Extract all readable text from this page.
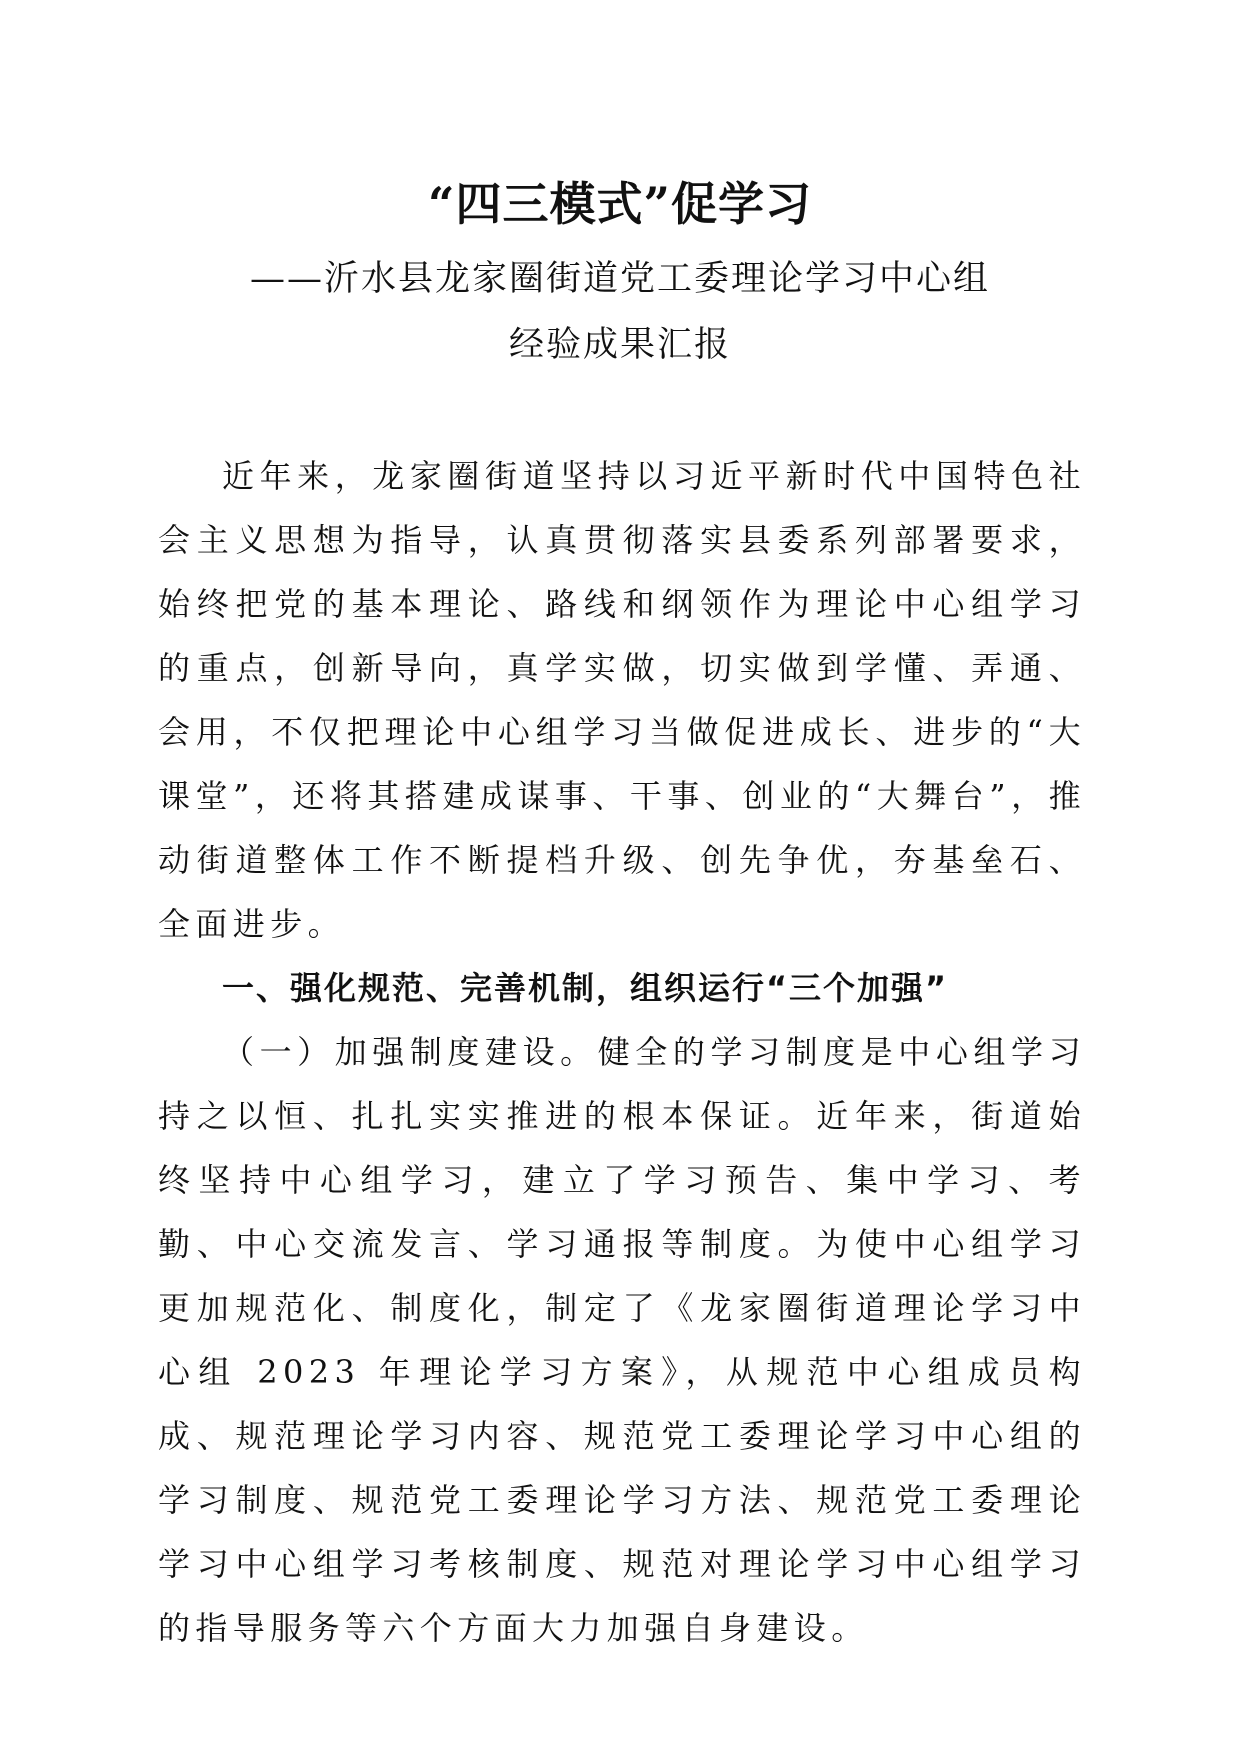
“四三模式”促学习
——沂水县龙家圈街道党工委理论学习中心组
经验成果汇报

近年来，龙家圈街道坚持以习近平新时代中国特色社会主义思想为指导，认真贯彻落实县委系列部署要求，始终把党的基本理论、路线和纲领作为理论中心组学习的重点，创新导向，真学实做，切实做到学懂、弄通、会用，不仅把理论中心组学习当做促进成长、进步的“大课堂”，还将其搭建成谋事、干事、创业的“大舞台”，推动街道整体工作不断提档升级、创先争优，夯基垒石、全面进步。

一、强化规范、完善机制，组织运行“三个加强”

（一）加强制度建设。健全的学习制度是中心组学习持之以恒、扎扎实实推进的根本保证。近年来，街道始终坚持中心组学习，建立了学习预告、集中学习、考勤、中心交流发言、学习通报等制度。为使中心组学习更加规范化、制度化，制定了《龙家圈街道理论学习中心组 2023 年理论学习方案》，从规范中心组成员构成、规范理论学习内容、规范党工委理论学习中心组的学习制度、规范党工委理论学习方法、规范党工委理论学习中心组学习考核制度、规范对理论学习中心组学习的指导服务等六个方面大力加强自身建设。
